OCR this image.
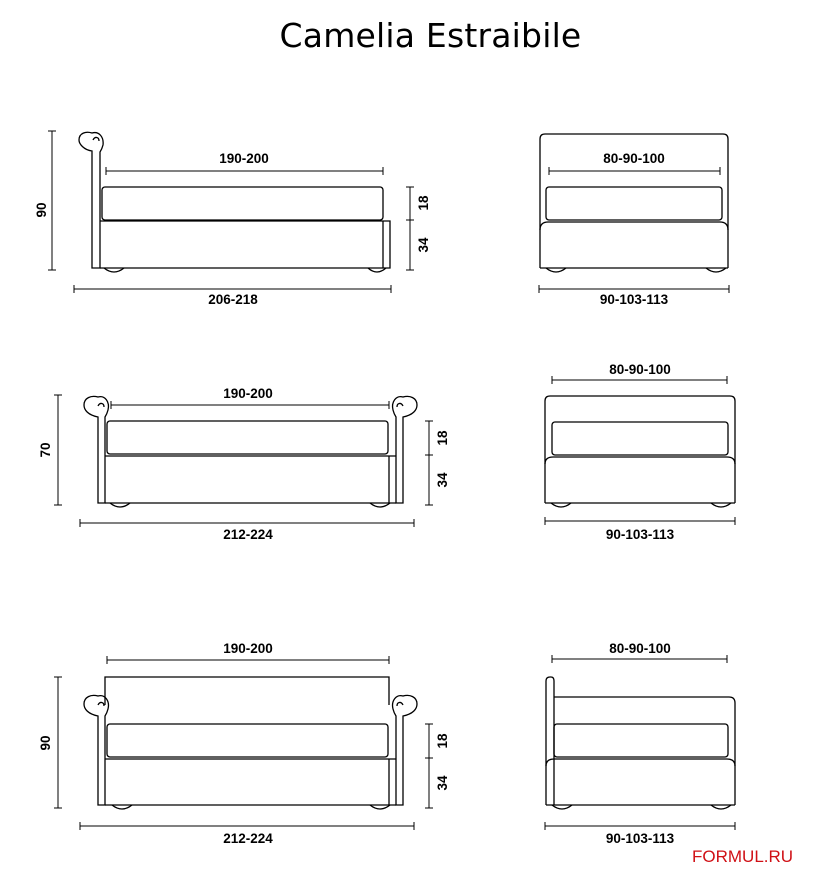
Camelia Estraibile
190-200
206-218
90	18
34
80-90-100
90-103-113
190-200
212-224
70
18
34
80-90-100
90-103-113
190-200
212-224
90	18
34
80-90-100
90-103-113
FORMUL.RU
